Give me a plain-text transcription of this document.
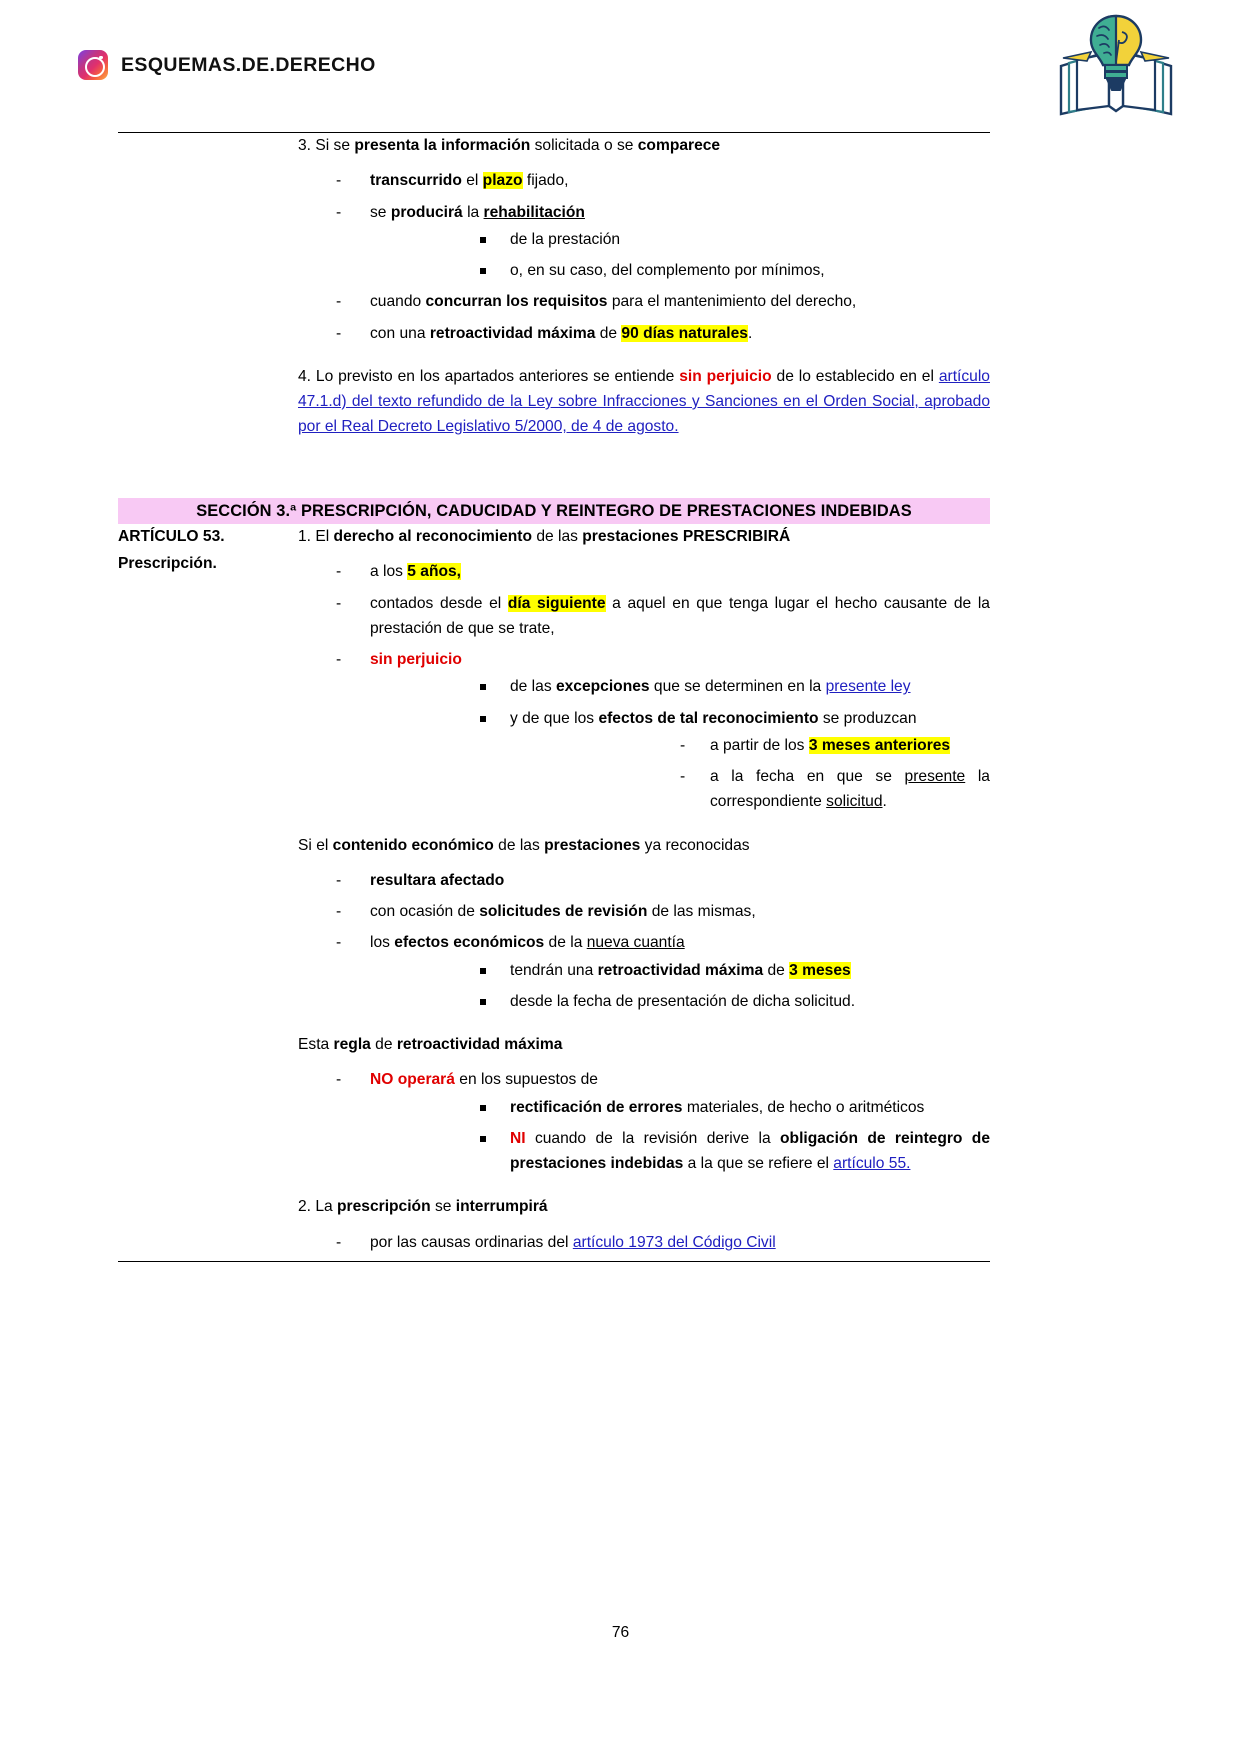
ESQUEMAS.DE.DERECHO

3. Si se presenta la información solicitada o se comparece

- transcurrido el plazo fijado,
- se producirá la rehabilitación
de la prestación
o, en su caso, del complemento por mínimos,
- cuando concurran los requisitos para el mantenimiento del derecho,
- con una retroactividad máxima de 90 días naturales.

4. Lo previsto en los apartados anteriores se entiende sin perjuicio de lo establecido en el artículo 47.1.d) del texto refundido de la Ley sobre Infracciones y Sanciones en el Orden Social, aprobado por el Real Decreto Legislativo 5/2000, de 4 de agosto.

SECCIÓN 3.ª PRESCRIPCIÓN, CADUCIDAD Y REINTEGRO DE PRESTACIONES INDEBIDAS	

ARTÍCULO 53.
Prescripción.

1. El derecho al reconocimiento de las prestaciones PRESCRIBIRÁ

- a los 5 años,
- contados desde el día siguiente a aquel en que tenga lugar el hecho causante de la prestación de que se trate,
- sin perjuicio
de las excepciones que se determinen en la presente ley
y de que los efectos de tal reconocimiento se produzcan
- a partir de los 3 meses anteriores
- a la fecha en que se presente la correspondiente solicitud.

Si el contenido económico de las prestaciones ya reconocidas

- resultara afectado
- con ocasión de solicitudes de revisión de las mismas,
- los efectos económicos de la nueva cuantía
tendrán una retroactividad máxima de 3 meses
desde la fecha de presentación de dicha solicitud.

Esta regla de retroactividad máxima

- NO operará en los supuestos de
rectificación de errores materiales, de hecho o aritméticos
NI cuando de la revisión derive la obligación de reintegro de prestaciones indebidas a la que se refiere el artículo 55.

2. La prescripción se interrumpirá

- por las causas ordinarias del artículo 1973 del Código Civil
76
